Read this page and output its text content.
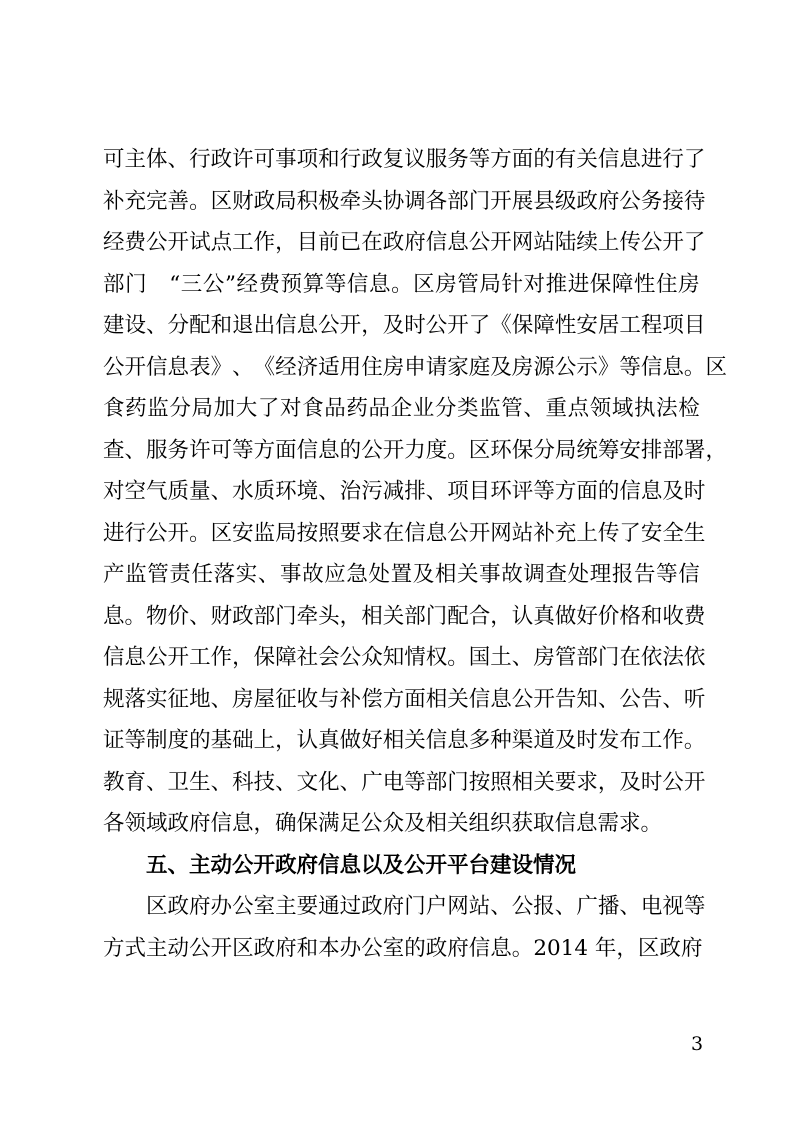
可 主 体 、 行 政 许 可 事 项 和 行 政 复 议 服 务 等 方 面 的 有 关 信 息 进 行 了
补 充 完 善 。 区 财 政 局 积 极 牵 头 协 调 各 部 门 开 展 县 级 政 府 公 务 接 待
经 费 公 开 试 点 工 作 ， 目 前 已 在 政 府 信 息 公 开 网 站 陆 续 上 传 公 开 了
部 门
　 “ 三 公 ” 经 费 预 算 等 信 息 。 区 房 管 局 针 对 推 进 保 障 性 住 房
建 设 、 分 配 和 退 出 信 息 公 开 ， 及 时 公 开 了 《 保 障 性 安 居 工 程 项 目
公 开 信 息 表 》 、 《 经 济 适 用 住 房 申 请 家 庭 及 房 源 公 示 》 等 信 息 。 区
食 药 监 分 局 加 大 了 对 食 品 药 品 企 业 分 类 监 管 、 重 点 领 域 执 法 检
查 、 服 务 许 可 等 方 面 信 息 的 公 开 力 度 。 区 环 保 分 局 统 筹 安 排 部 署 ，
对 空 气 质 量 、 水 质 环 境 、 治 污 减 排 、 项 目 环 评 等 方 面 的 信 息 及 时
进 行 公 开 。 区 安 监 局 按 照 要 求 在 信 息 公 开 网 站 补 充 上 传 了 安 全 生
产 监 管 责 任 落 实 、 事 故 应 急 处 置 及 相 关 事 故 调 查 处 理 报 告 等 信
息 。 物 价 、 财 政 部 门 牵 头 ， 相 关 部 门 配 合 ， 认 真 做 好 价 格 和 收 费
信 息 公 开 工 作 ， 保 障 社 会 公 众 知 情 权 。 国 土 、 房 管 部 门 在 依 法 依
规 落 实 征 地 、 房 屋 征 收 与 补 偿 方 面 相 关 信 息 公 开 告 知 、 公 告 、 听
证 等 制 度 的 基 础 上 ， 认 真 做 好 相 关 信 息 多 种 渠 道 及 时 发 布 工 作 。
教 育 、 卫 生 、 科 技 、 文 化 、 广 电 等 部 门 按 照 相 关 要 求 ， 及 时 公 开
各领域政府信息，确保满足公众及相关组织获取信息需求。
五、主动公开政府信息以及公开平台建设情况
区 政 府 办 公 室 主 要 通 过 政 府 门 户 网 站 、 公 报 、 广 播 、 电 视 等
方 式 主 动 公 开 区 政 府 和 本 办 公 室 的 政 府 信 息 。 2014 年 ， 区 政 府
3
